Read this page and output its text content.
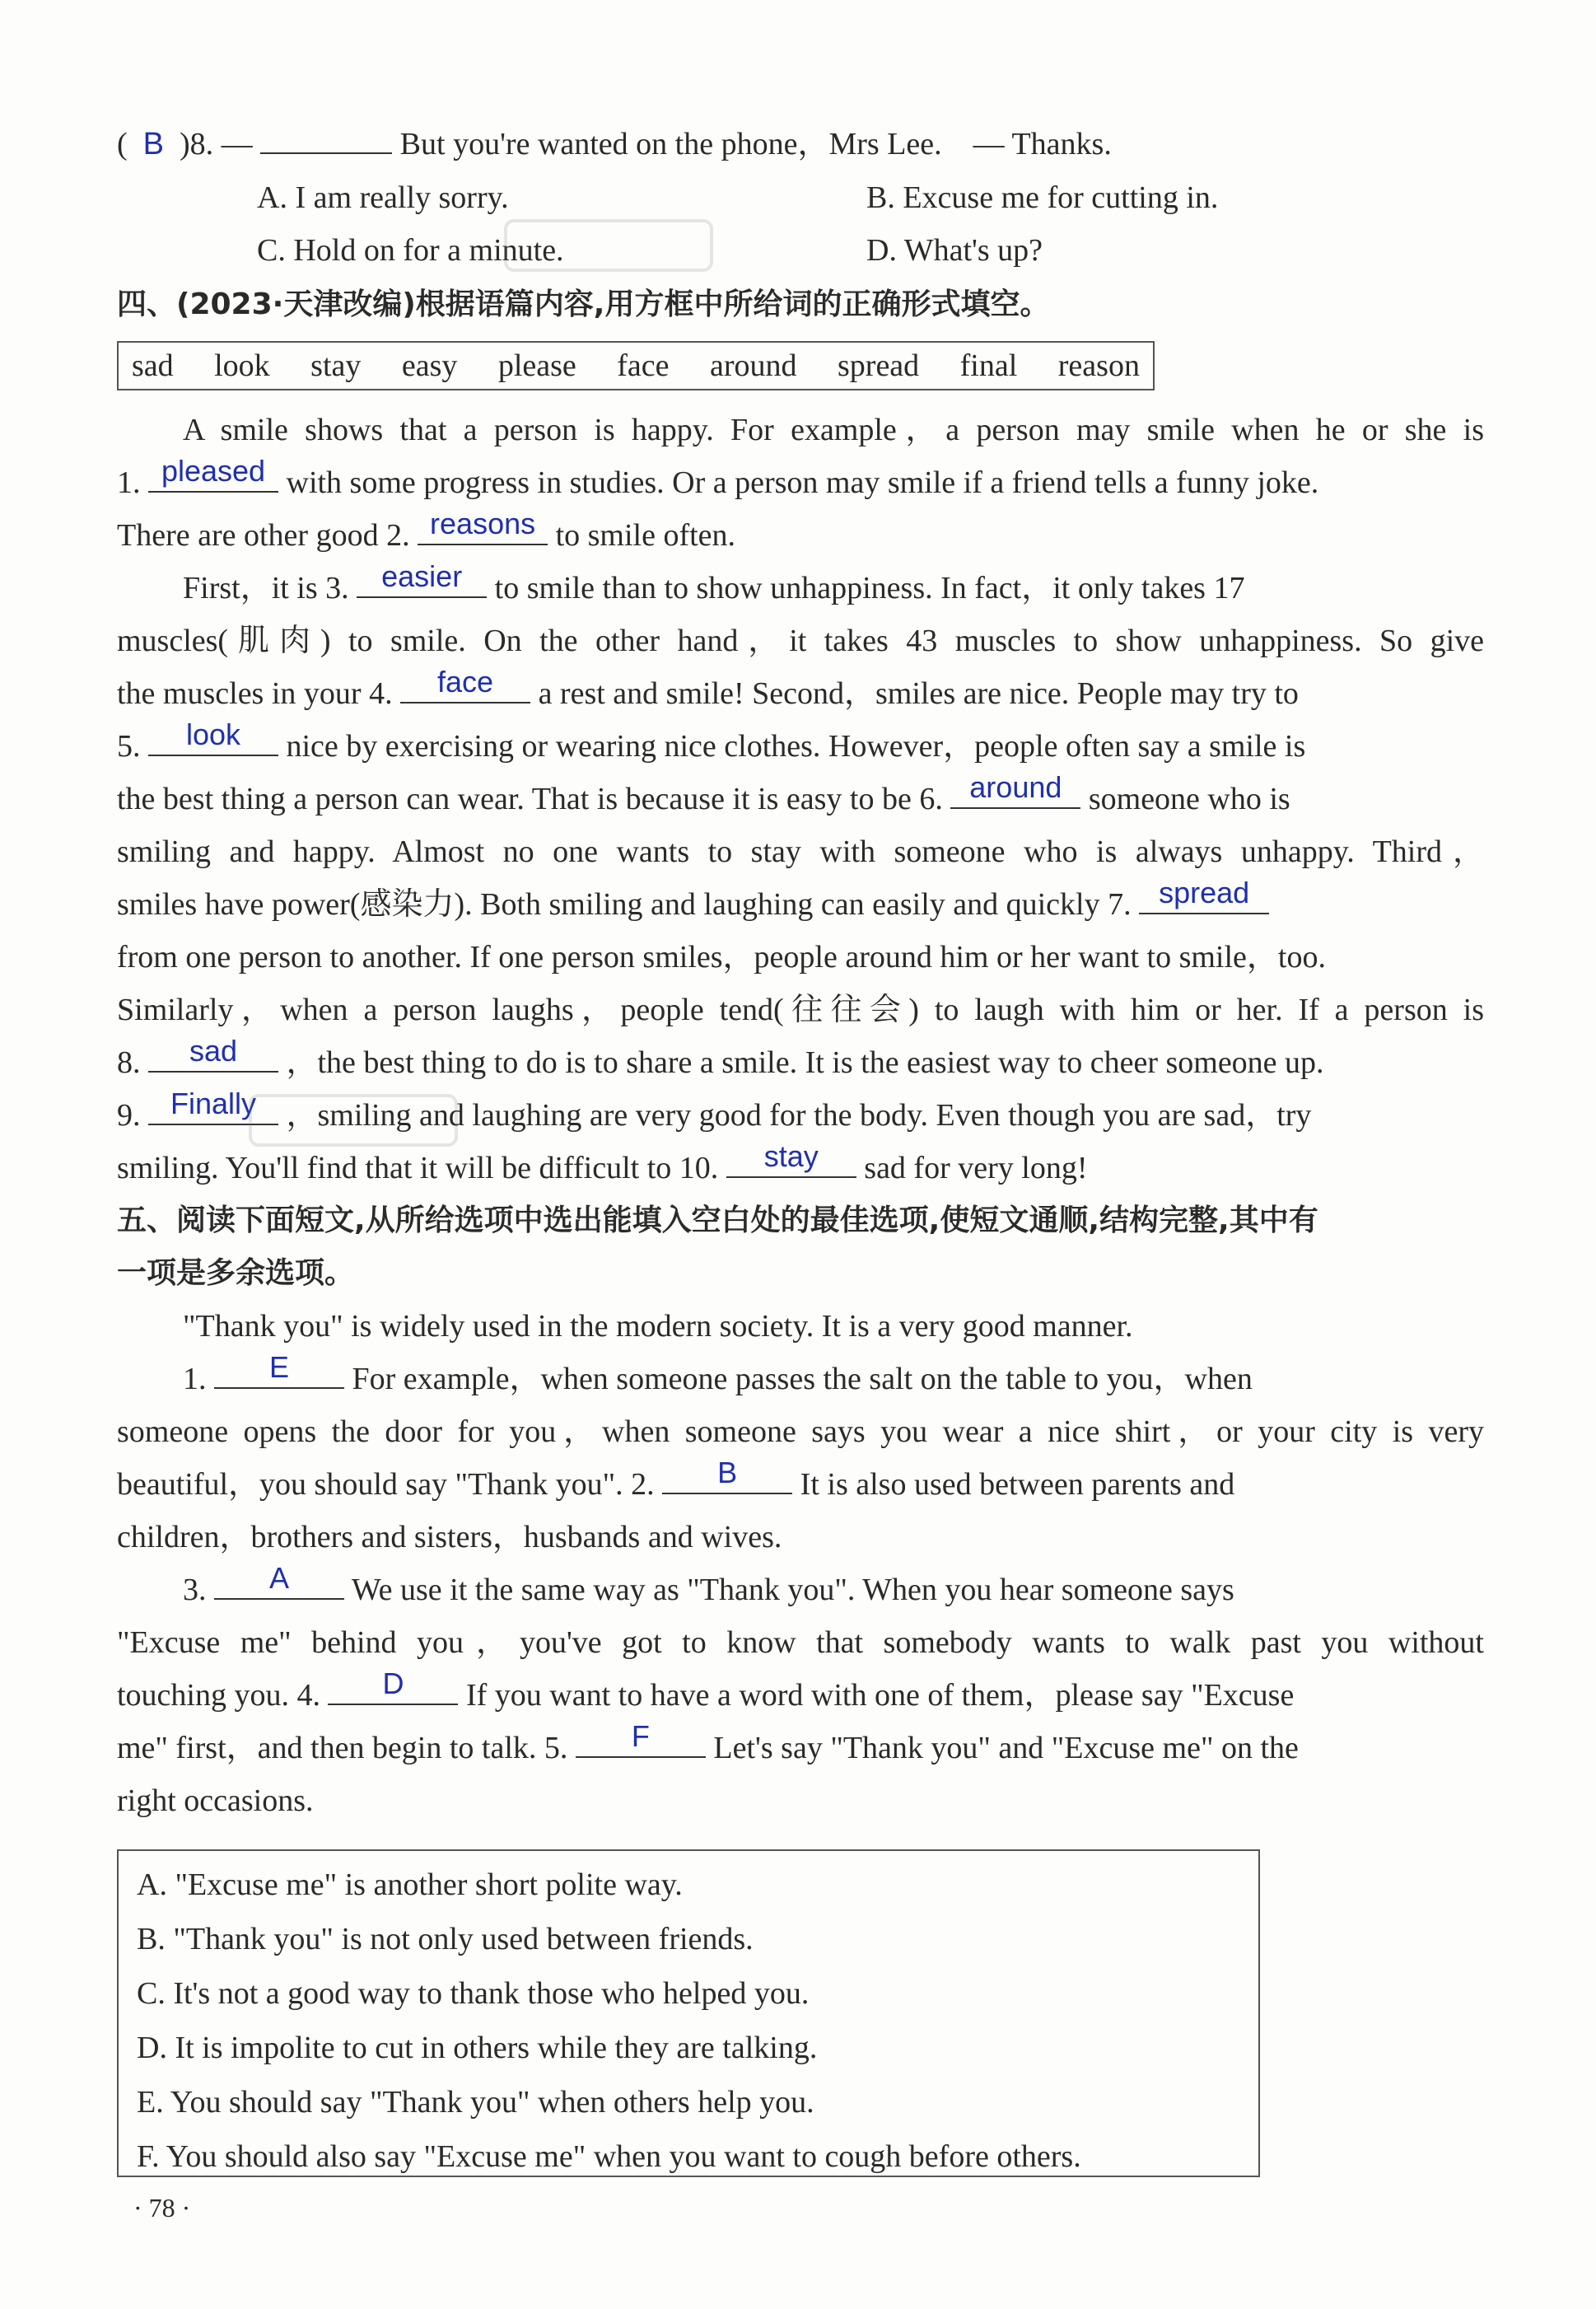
( B )8. —	But you're wanted on the phone，Mrs Lee. — Thanks.
A. I am really sorry.	B. Excuse me for cutting in.
C. Hold on for a minute.	D. What's up?
四、(2023·天津改编)根据语篇内容,用方框中所给词的正确形式填空。
sad look stay easy please face around spread final reason
A smile shows that a person is happy. For example，a person may smile when he or she is
1. pleased with some progress in studies. Or a person may smile if a friend tells a funny joke.
There are other good 2. reasons to smile often.
First，it is 3. easier	to smile than to show unhappiness. In fact，it only takes 17
muscles(肌肉) to smile. On the other hand，it takes 43 muscles to show unhappiness. So give
the muscles in your 4.	face	a rest and smile! Second，smiles are nice. People may try to
5.	look	nice by exercising or wearing nice clothes. However，people often say a smile is
the best thing a person can wear. That is because it is easy to be 6. around someone who is
smiling and happy. Almost no one wants to stay with someone who is always unhappy. Third，
smiles have power(感染力). Both smiling and laughing can easily and quickly 7. spread
from one person to another. If one person smiles，people around him or her want to smile，too.
Similarly，when a person laughs，people tend(往往会) to laugh with him or her. If a person is
8.	sad	，the best thing to do is to share a smile. It is the easiest way to cheer someone up.
9. Finally ，smiling and laughing are very good for the body. Even though you are sad，try
smiling. You'll find that it will be difficult to 10.	stay	sad for very long!
五、阅读下面短文,从所给选项中选出能填入空白处的最佳选项,使短文通顺,结构完整,其中有
一项是多余选项。
"Thank you" is widely used in the modern society. It is a very good manner.
1.	E	For example，when someone passes the salt on the table to you，when
someone opens the door for you，when someone says you wear a nice shirt，or your city is very
beautiful，you should say "Thank you". 2.	B	It is also used between parents and
children，brothers and sisters，husbands and wives.
3.	A	We use it the same way as "Thank you". When you hear someone says
"Excuse me" behind you，you've got to know that somebody wants to walk past you without
touching you. 4.	D	If you want to have a word with one of them，please say "Excuse
me" first，and then begin to talk. 5.	F	Let's say "Thank you" and "Excuse me" on the
right occasions.
A. "Excuse me" is another short polite way.
B. "Thank you" is not only used between friends.
C. It's not a good way to thank those who helped you.
D. It is impolite to cut in others while they are talking.
E. You should say "Thank you" when others help you.
F. You should also say "Excuse me" when you want to cough before others.
· 78 ·
